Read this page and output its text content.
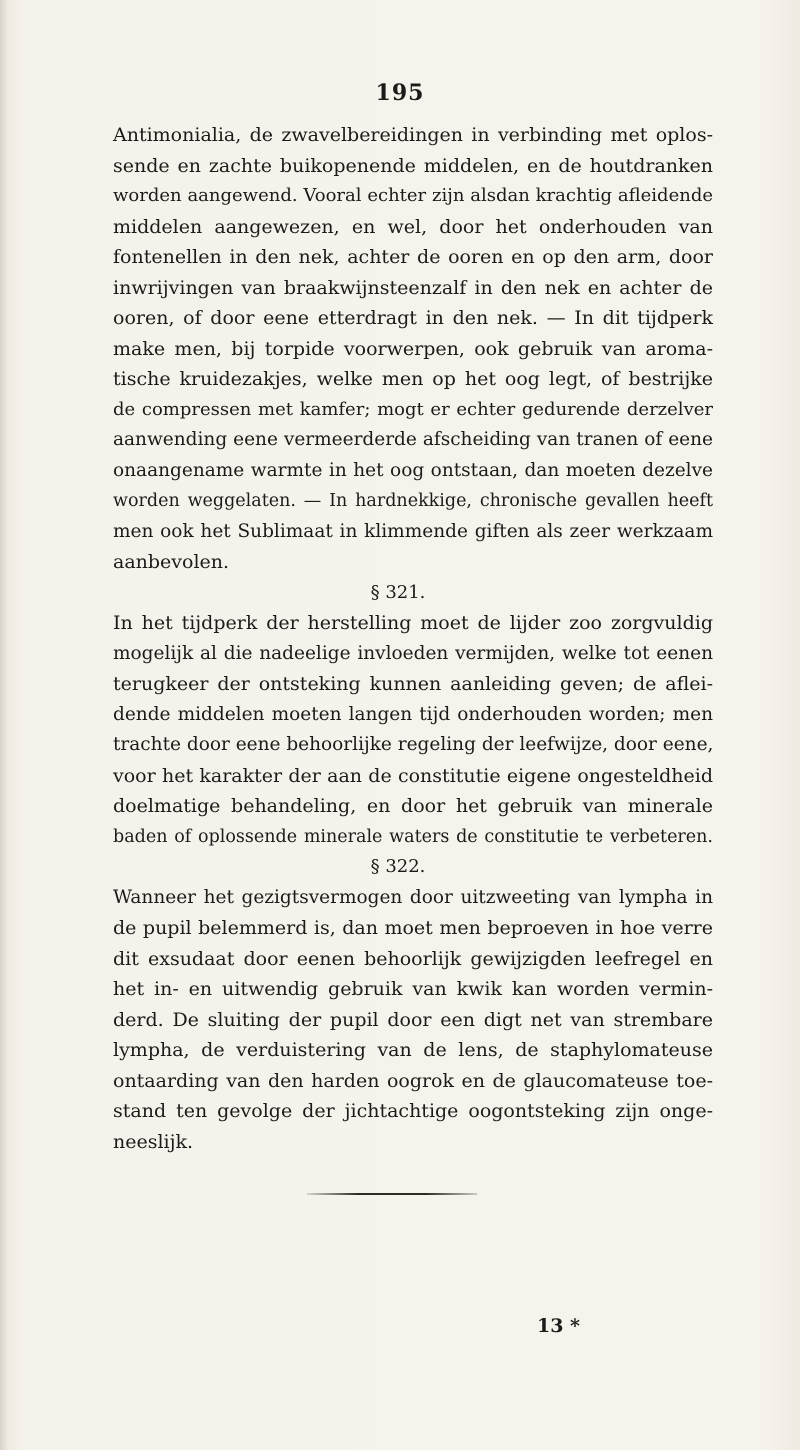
195
Antimonialia, de zwavelbereidingen in verbinding met oplos-
sende en zachte buikopenende middelen, en de houtdranken
worden aangewend. Vooral echter zijn alsdan krachtig afleidende
middelen aangewezen, en wel, door het onderhouden van
fontenellen in den nek, achter de ooren en op den arm, door
inwrijvingen van braakwijnsteenzalf in den nek en achter de
ooren, of door eene etterdragt in den nek. — In dit tijdperk
make men, bij torpide voorwerpen, ook gebruik van aroma-
tische kruidezakjes, welke men op het oog legt, of bestrijke
de compressen met kamfer; mogt er echter gedurende derzelver
aanwending eene vermeerderde afscheiding van tranen of eene
onaangename warmte in het oog ontstaan, dan moeten dezelve
worden weggelaten. — In hardnekkige, chronische gevallen heeft
men ook het Sublimaat in klimmende giften als zeer werkzaam
aanbevolen.
§ 321.
In het tijdperk der herstelling moet de lijder zoo zorgvuldig
mogelijk al die nadeelige invloeden vermijden, welke tot eenen
terugkeer der ontsteking kunnen aanleiding geven; de aflei-
dende middelen moeten langen tijd onderhouden worden; men
trachte door eene behoorlijke regeling der leefwijze, door eene,
voor het karakter der aan de constitutie eigene ongesteldheid
doelmatige behandeling, en door het gebruik van minerale
baden of oplossende minerale waters de constitutie te verbeteren.
§ 322.
Wanneer het gezigtsvermogen door uitzweeting van lympha in
de pupil belemmerd is, dan moet men beproeven in hoe verre
dit exsudaat door eenen behoorlijk gewijzigden leefregel en
het in- en uitwendig gebruik van kwik kan worden vermin-
derd. De sluiting der pupil door een digt net van strembare
lympha, de verduistering van de lens, de staphylomateuse
ontaarding van den harden oogrok en de glaucomateuse toe-
stand ten gevolge der jichtachtige oogontsteking zijn onge-
neeslijk.
13 *
